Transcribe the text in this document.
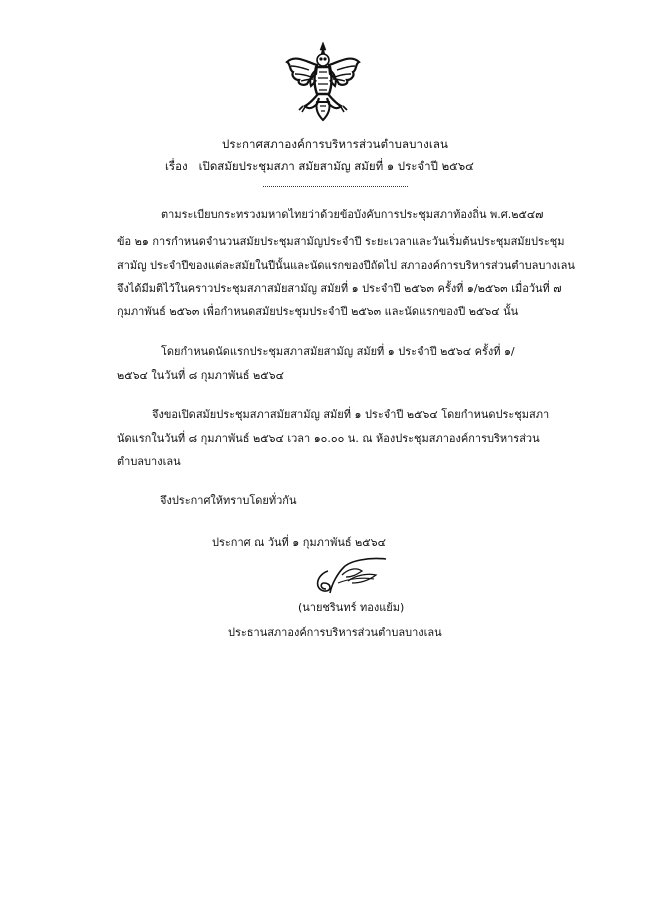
ประกาศสภาองค์การบริหารส่วนตำบลบางเลน
เรื่อง เปิดสมัยประชุมสภา สมัยสามัญ สมัยที่ ๑ ประจำปี ๒๕๖๔
ตามระเบียบกระทรวงมหาดไทยว่าด้วยข้อบังคับการประชุมสภาท้องถิ่น พ.ศ.๒๕๔๗
ข้อ ๒๑ การกำหนดจำนวนสมัยประชุมสามัญประจำปี ระยะเวลาและวันเริ่มต้นประชุมสมัยประชุม
สามัญ ประจำปีของแต่ละสมัยในปีนั้นและนัดแรกของปีถัดไป สภาองค์การบริหารส่วนตำบลบางเลน
จึงได้มีมติไว้ในคราวประชุมสภาสมัยสามัญ สมัยที่ ๑ ประจำปี ๒๕๖๓ ครั้งที่ ๑/๒๕๖๓ เมื่อวันที่ ๗
กุมภาพันธ์ ๒๕๖๓ เพื่อกำหนดสมัยประชุมประจำปี ๒๕๖๓ และนัดแรกของปี ๒๕๖๔ นั้น
โดยกำหนดนัดแรกประชุมสภาสมัยสามัญ สมัยที่ ๑ ประจำปี ๒๕๖๔ ครั้งที่ ๑/
๒๕๖๔ ในวันที่ ๘ กุมภาพันธ์ ๒๕๖๔
จึงขอเปิดสมัยประชุมสภาสมัยสามัญ สมัยที่ ๑ ประจำปี ๒๕๖๔ โดยกำหนดประชุมสภา
นัดแรกในวันที่ ๘ กุมภาพันธ์ ๒๕๖๔ เวลา ๑๐.๐๐ น. ณ ห้องประชุมสภาองค์การบริหารส่วน
ตำบลบางเลน
จึงประกาศให้ทราบโดยทั่วกัน
ประกาศ ณ วันที่ ๑ กุมภาพันธ์ ๒๕๖๔
(นายชรินทร์ ทองแย้ม)
ประธานสภาองค์การบริหารส่วนตำบลบางเลน
